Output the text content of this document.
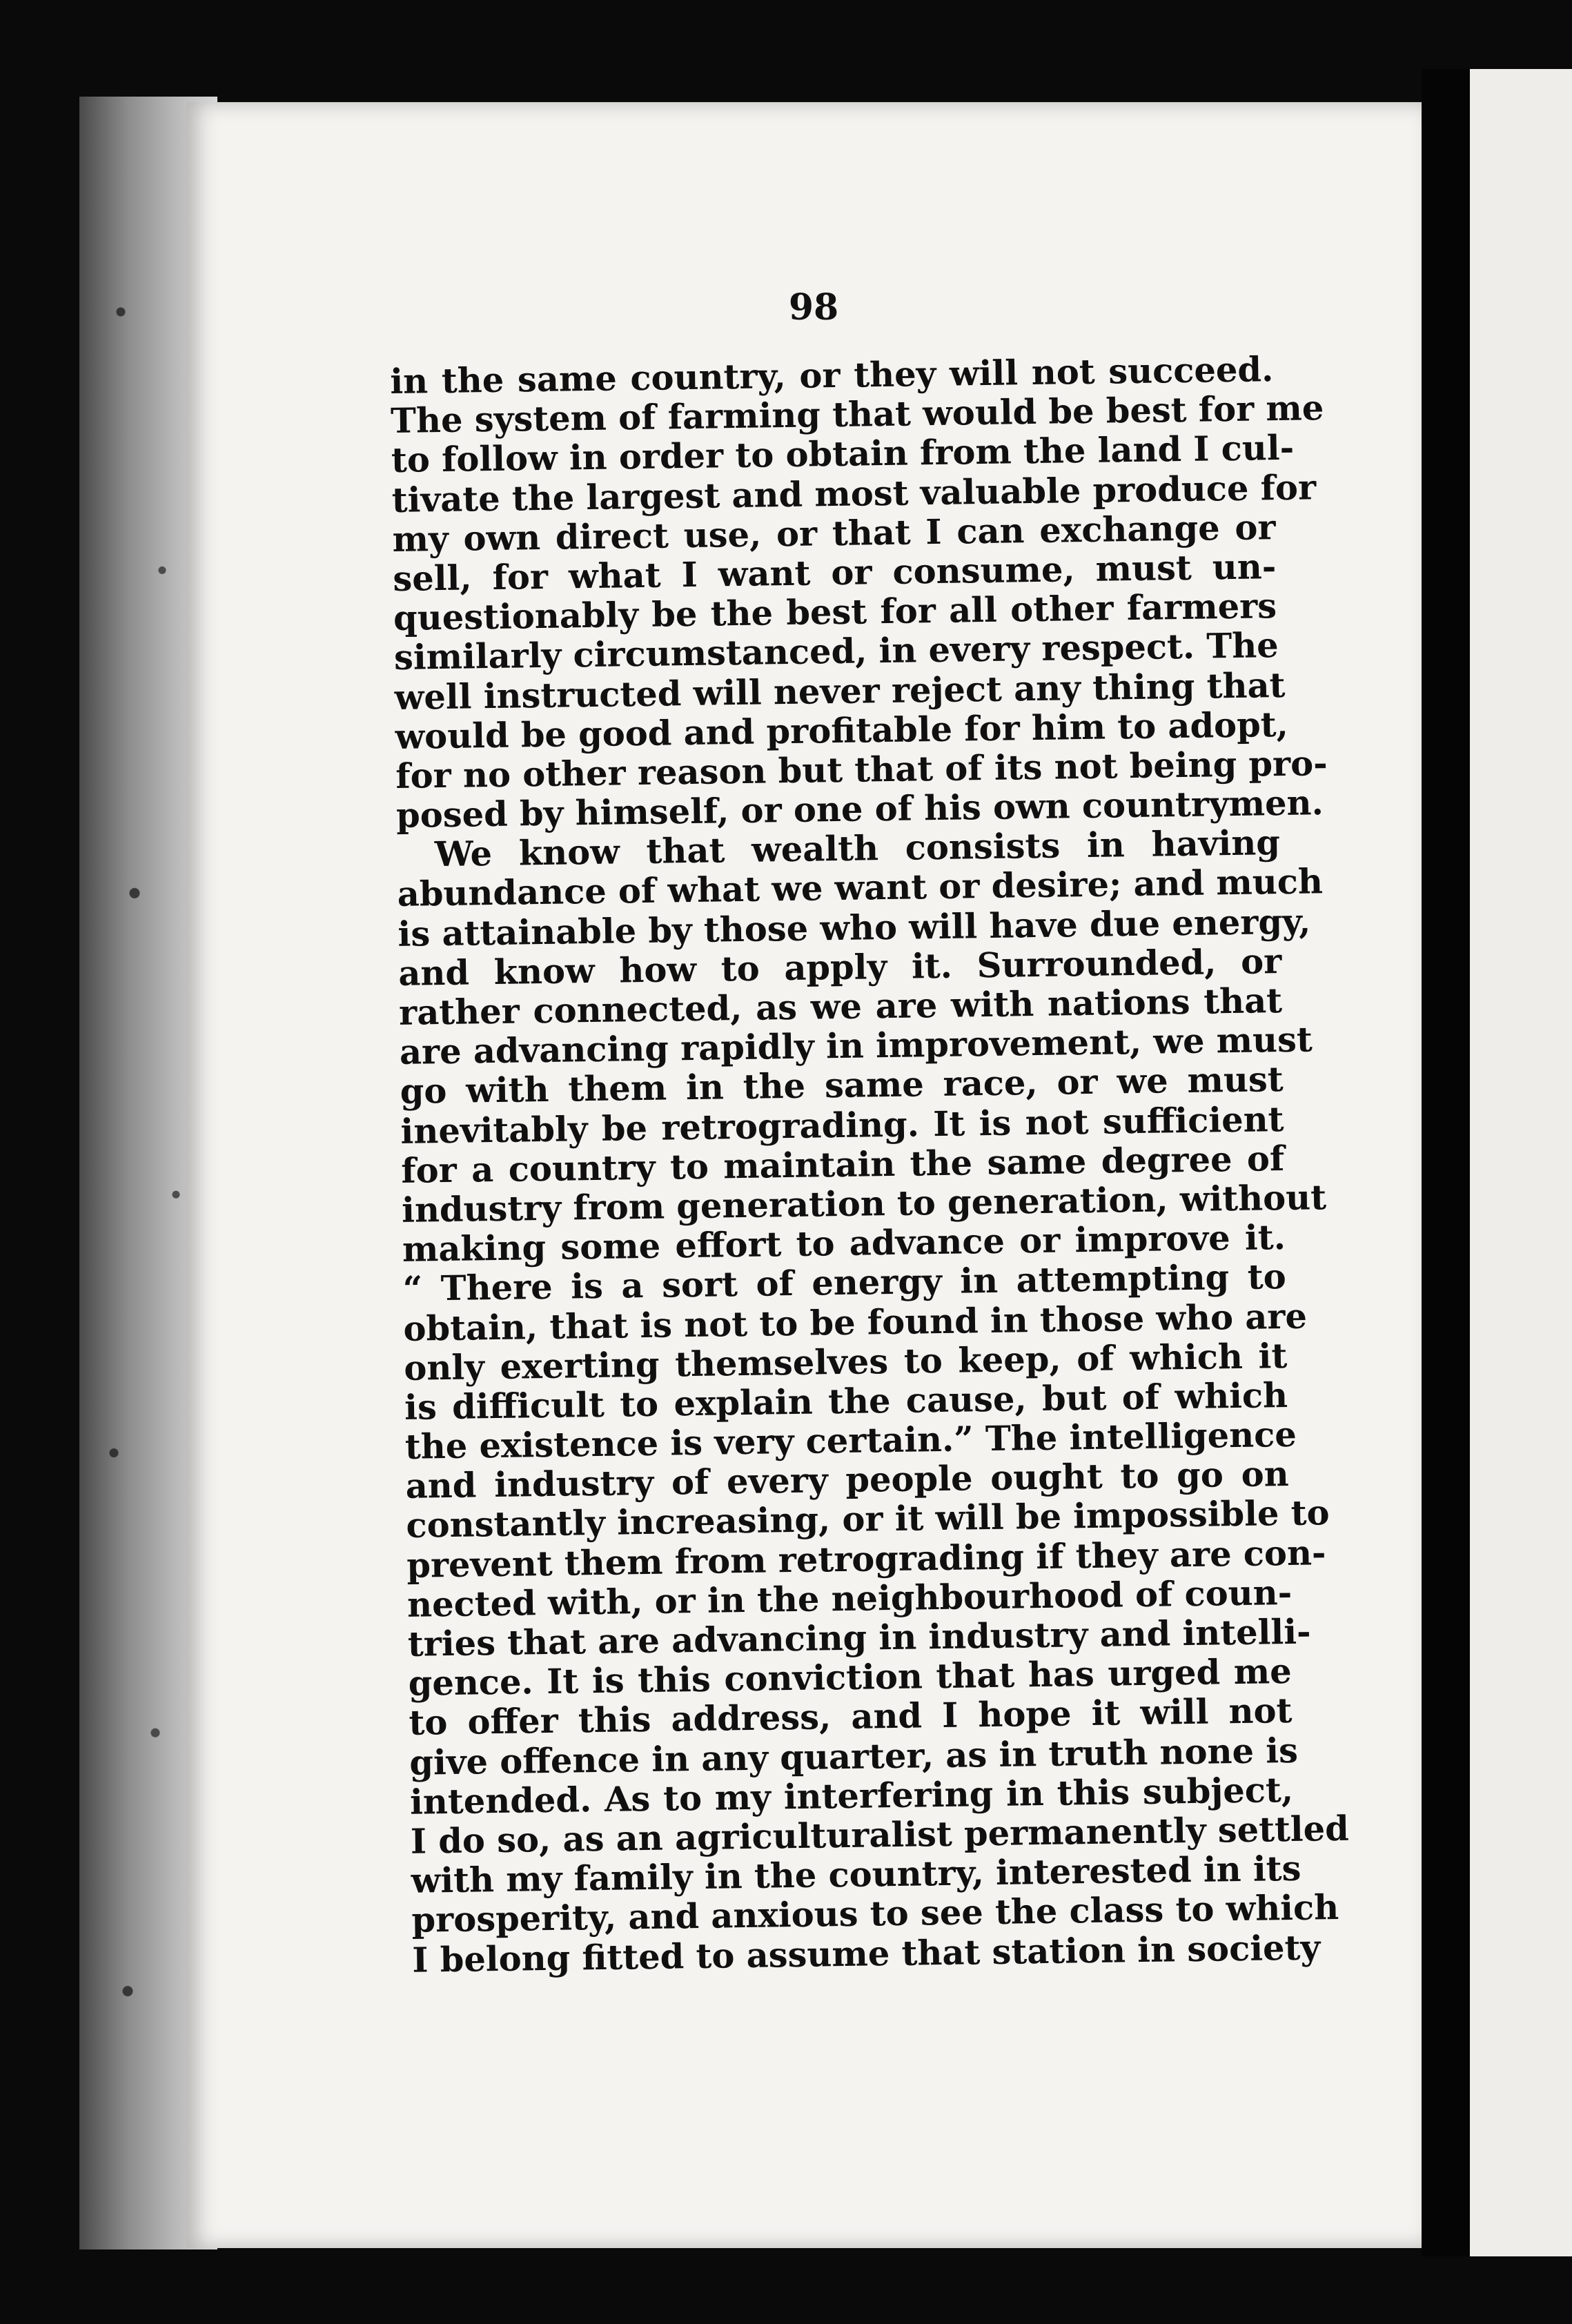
98
in the same country, or they will not succeed.
The system of farming that would be best for me
to follow in order to obtain from the land I cul-
tivate the largest and most valuable produce for
my own direct use, or that I can exchange or
sell, for what I want or consume, must un-
questionably be the best for all other farmers
similarly circumstanced, in every respect. The
well instructed will never reject any thing that
would be good and profitable for him to adopt,
for no other reason but that of its not being pro-
posed by himself, or one of his own countrymen.
We know that wealth consists in having
abundance of what we want or desire; and much
is attainable by those who will have due energy,
and know how to apply it. Surrounded, or
rather connected, as we are with nations that
are advancing rapidly in improvement, we must
go with them in the same race, or we must
inevitably be retrograding. It is not sufficient
for a country to maintain the same degree of
industry from generation to generation, without
making some effort to advance or improve it.
“ There is a sort of energy in attempting to
obtain, that is not to be found in those who are
only exerting themselves to keep, of which it
is difficult to explain the cause, but of which
the existence is very certain.” The intelligence
and industry of every people ought to go on
constantly increasing, or it will be impossible to
prevent them from retrograding if they are con-
nected with, or in the neighbourhood of coun-
tries that are advancing in industry and intelli-
gence. It is this conviction that has urged me
to offer this address, and I hope it will not
give offence in any quarter, as in truth none is
intended. As to my interfering in this subject,
I do so, as an agriculturalist permanently settled
with my family in the country, interested in its
prosperity, and anxious to see the class to which
I belong fitted to assume that station in society
